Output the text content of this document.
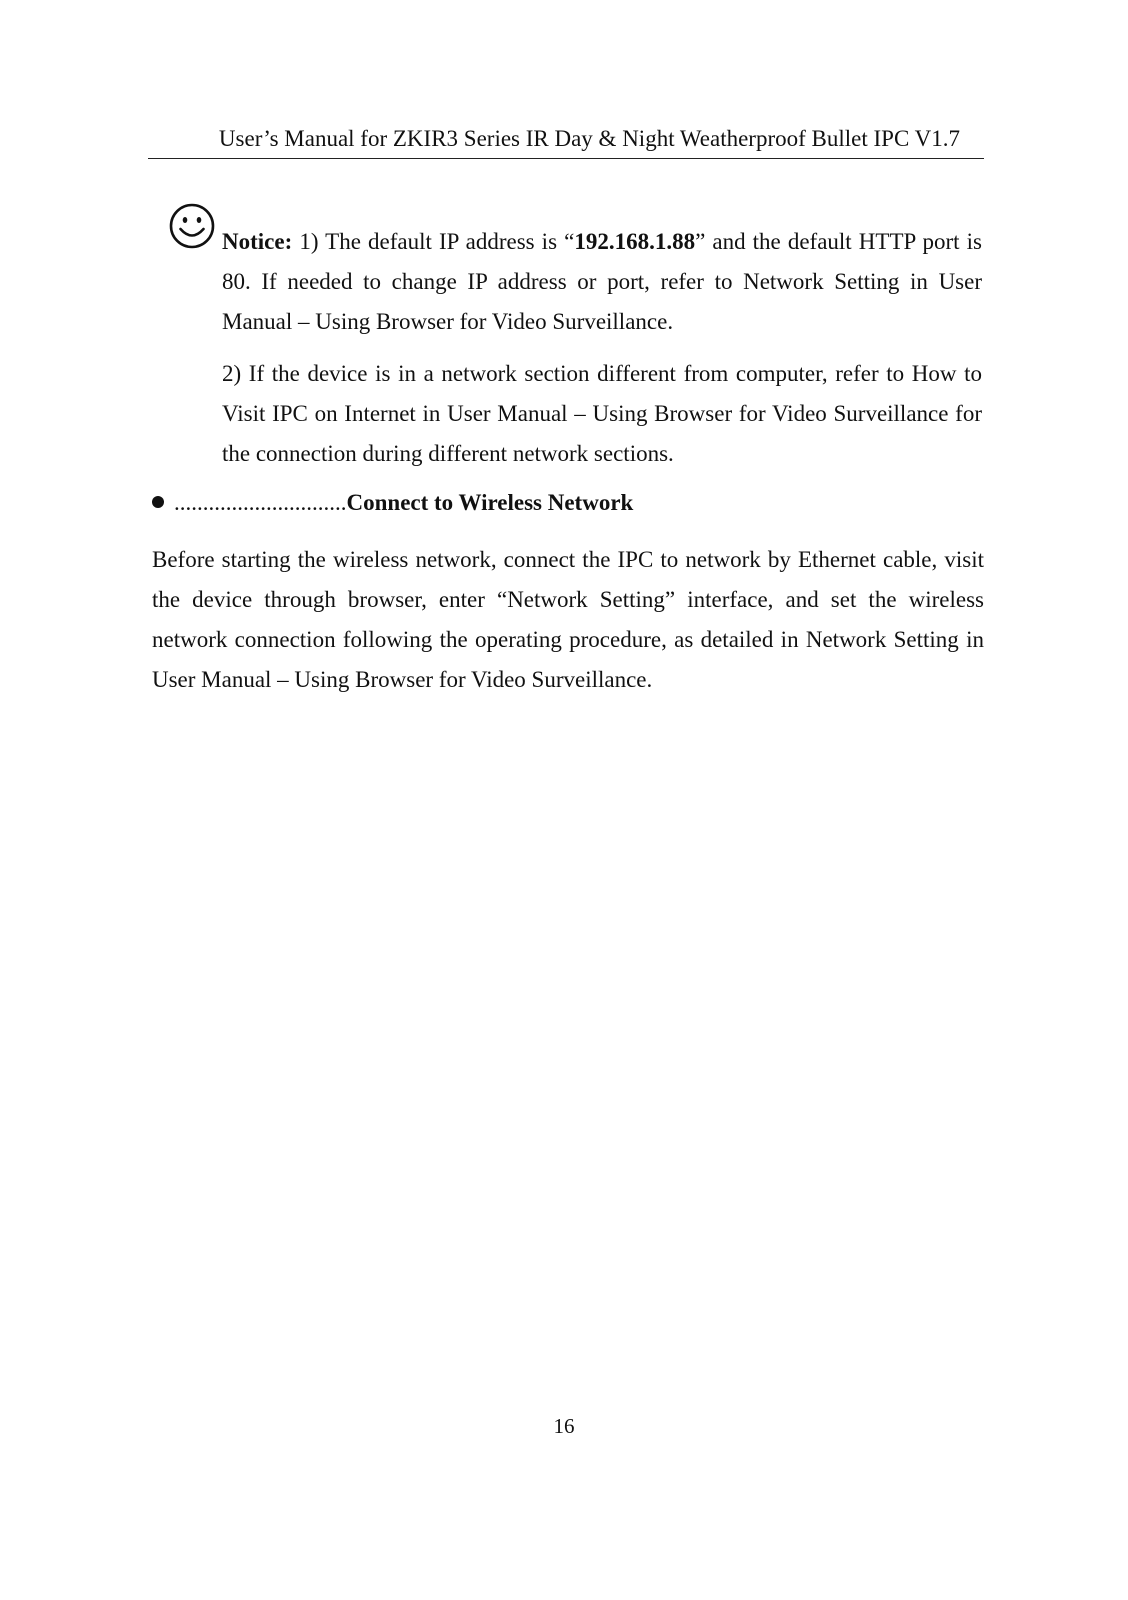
User’s Manual for ZKIR3 Series IR Day & Night Weatherproof Bullet IPC V1.7

Notice: 1) The default IP address is “192.168.1.88” and the default HTTP port is 80. If needed to change IP address or port, refer to Network Setting in User Manual – Using Browser for Video Surveillance.

2) If the device is in a network section different from computer, refer to How to Visit IPC on Internet in User Manual – Using Browser for Video Surveillance for the connection during different network sections.

..............................Connect to Wireless Network

Before starting the wireless network, connect the IPC to network by Ethernet cable, visit the device through browser, enter “Network Setting” interface, and set the wireless network connection following the operating procedure, as detailed in Network Setting in User Manual – Using Browser for Video Surveillance.

16
